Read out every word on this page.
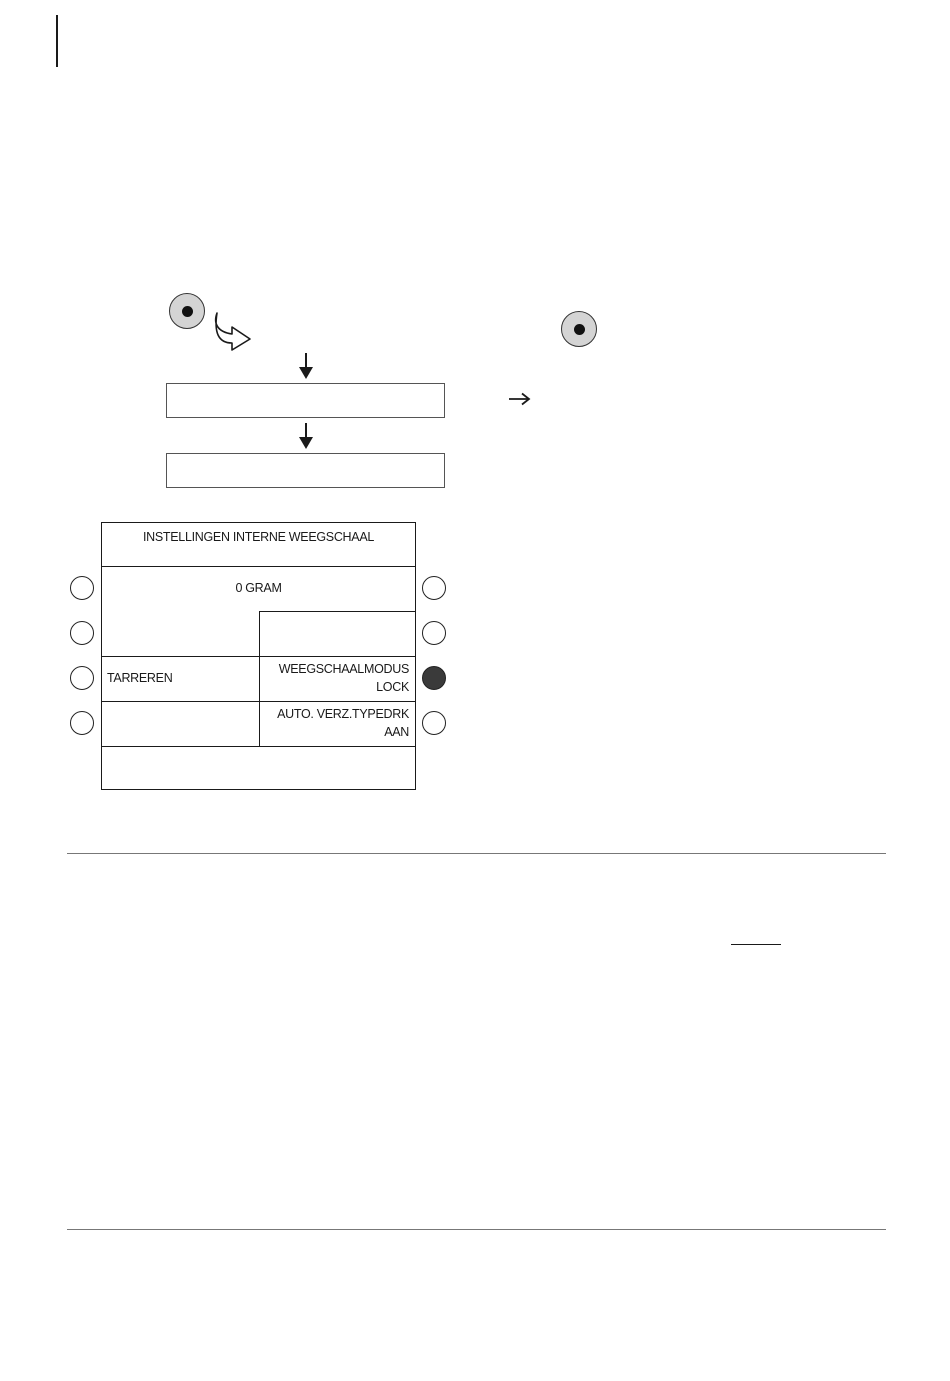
INSTELLINGEN INTERNE WEEGSCHAAL
0 GRAM
TARREREN
WEEGSCHAALMODUS
LOCK
AUTO. VERZ.TYPEDRK
AAN
